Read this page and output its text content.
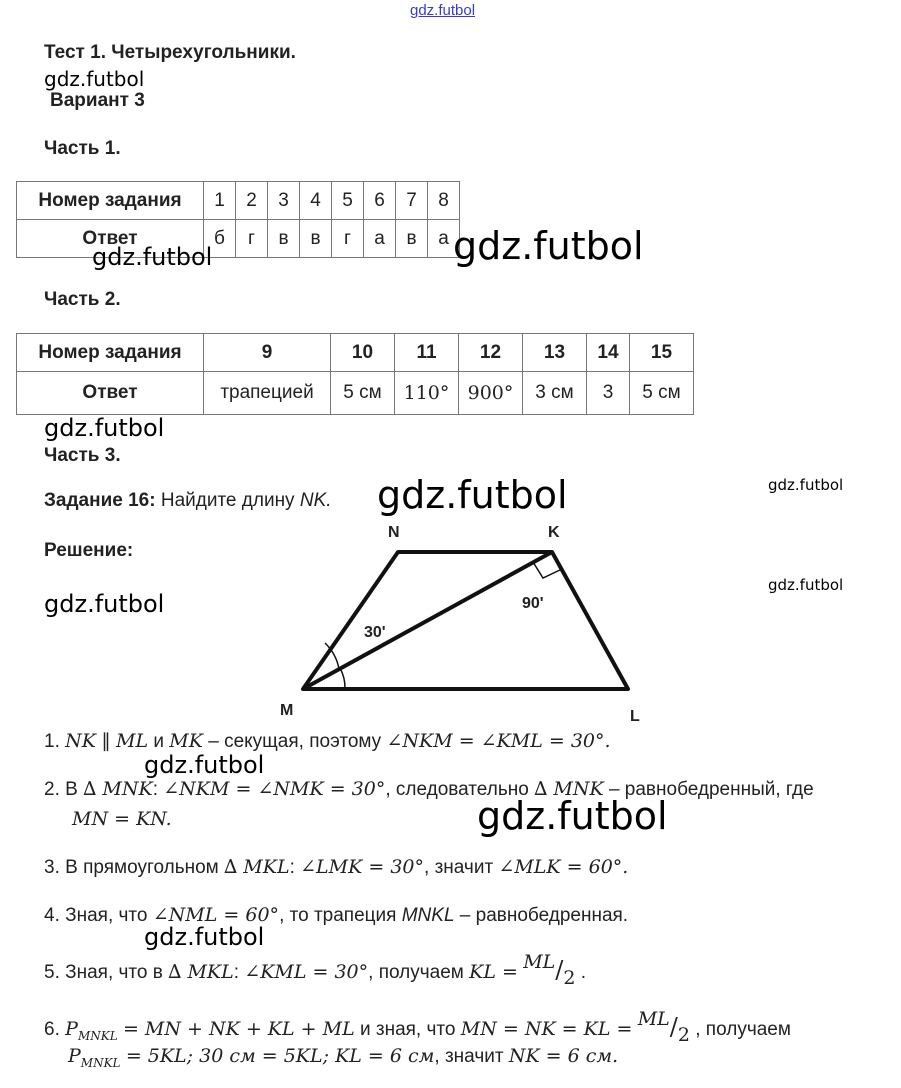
gdz.futbol
Тест 1. Четырехугольники.
gdz.futbol
Вариант 3
Часть 1.
Номер задания	1	2	3	4	5	6	7	8
Ответ	б	г	в	в	г	а	в	а
gdz.futbol	gdz.futbol
Часть 2.
Номер задания	9	10	11	12	13	14	15
Ответ	трапецией	5 см	110°	900°	3 см	3	5 см
gdz.futbol
Часть 3.
Задание 16: Найдите длину NK. gdz.futbol	gdz.futbol
Решение:
gdz.futbol
gdz.futbol
N	K
M	L
30'
90'
1. NK ∥ ML и MK – секущая, поэтому ∠NKM = ∠KML = 30°.
gdz.futbol
2. В ∆ MNK: ∠NKM = ∠NMK = 30°, следовательно ∆ MNK – равнобедренный, где
MN = KN.	gdz.futbol
3. В прямоугольном ∆ MKL: ∠LMK = 30°, значит ∠MLK = 60°.
4. Зная, что ∠NML = 60°, то трапеция MNKL – равнобедренная.
gdz.futbol
5. Зная, что в ∆ MKL: ∠KML = 30°, получаем KL = ML/2 .
6. $P_{MNKL}$ = MN + NK + KL + ML и зная, что MN = NK = KL = ML/2 , получаем
$P_{MNKL} = 5KL$; 30 см = 5KL; KL = 6 см, значит NK = 6 см.
gdz.futbol
